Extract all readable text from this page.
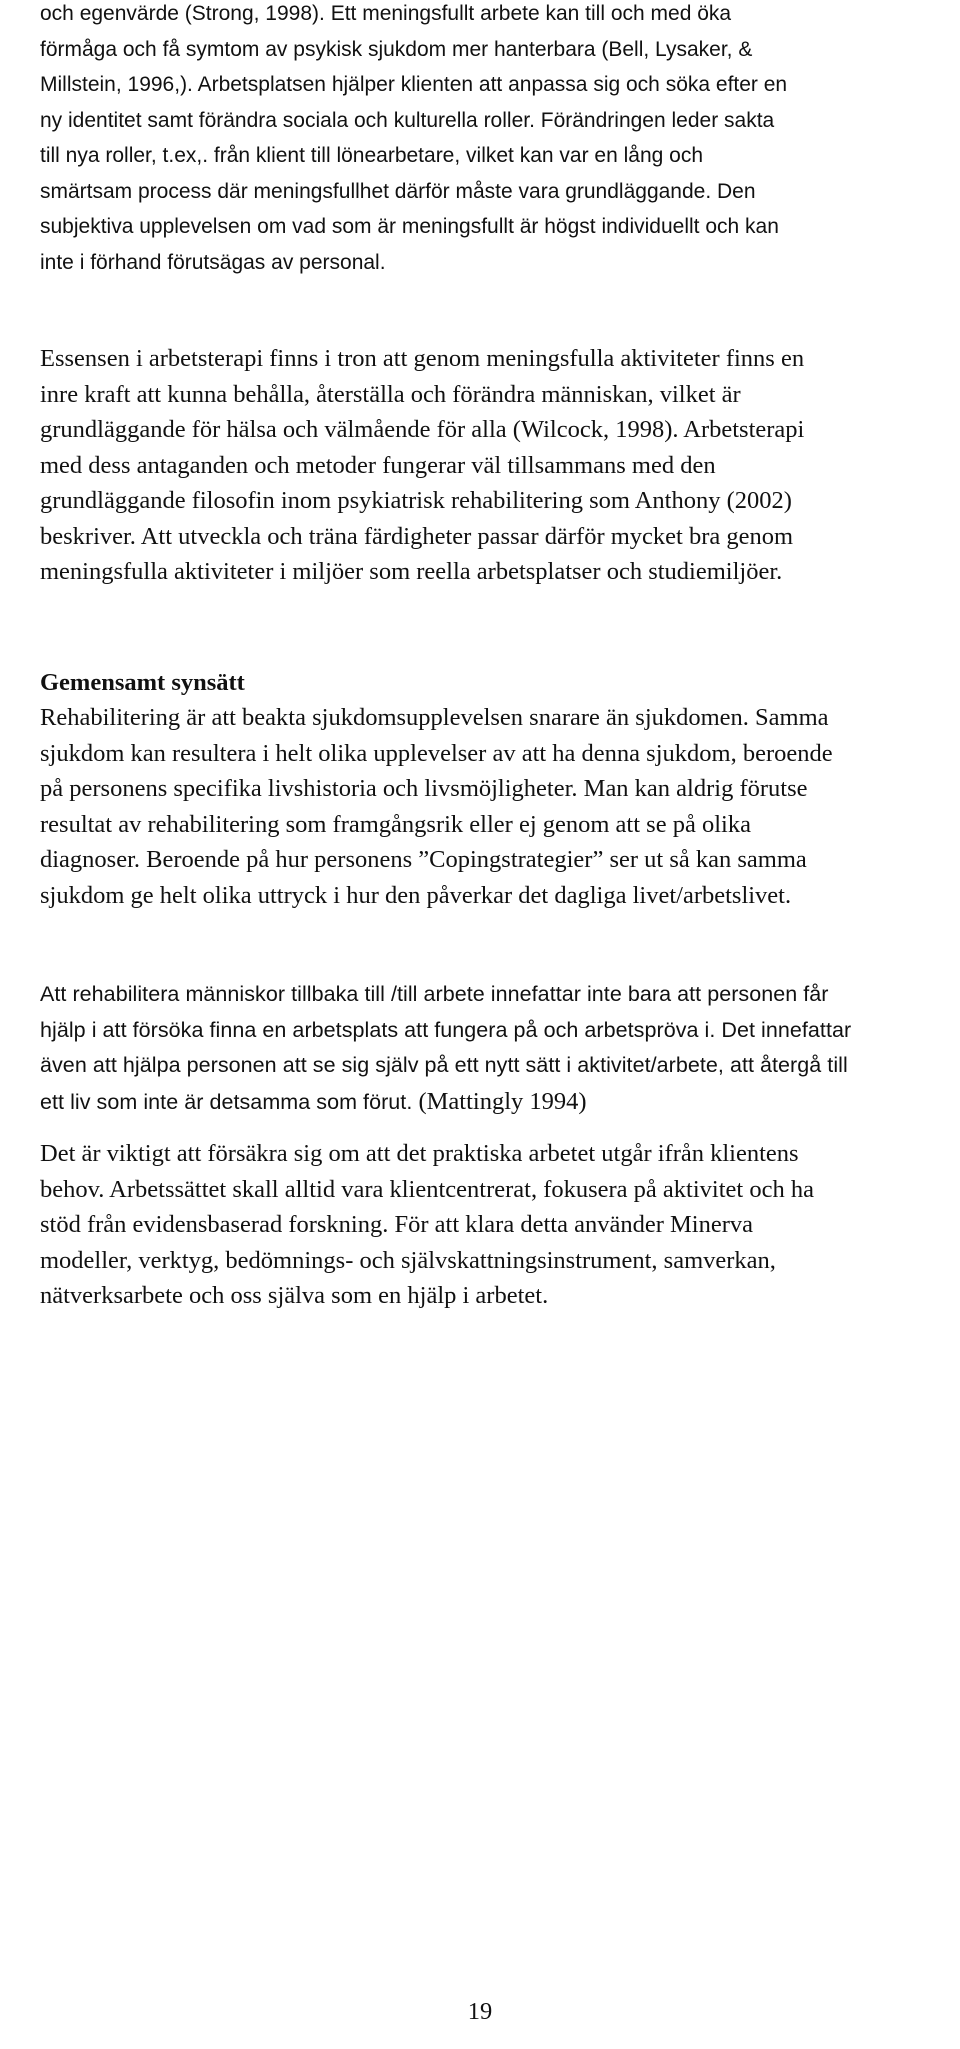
och egenvärde (Strong, 1998). Ett meningsfullt arbete kan till och med öka
förmåga och få symtom av psykisk sjukdom mer hanterbara (Bell, Lysaker, &
Millstein, 1996,). Arbetsplatsen hjälper klienten att anpassa sig och söka efter en
ny identitet samt förändra sociala och kulturella roller. Förändringen leder sakta
till nya roller, t.ex,. från klient till lönearbetare, vilket kan var en lång och
smärtsam process där meningsfullhet därför måste vara grundläggande. Den
subjektiva upplevelsen om vad som är meningsfullt är högst individuellt och kan
inte i förhand förutsägas av personal.

Essensen i arbetsterapi finns i tron att genom meningsfulla aktiviteter finns en
inre kraft att kunna behålla, återställa och förändra människan, vilket är
grundläggande för hälsa och välmående för alla (Wilcock, 1998). Arbetsterapi
med dess antaganden och metoder fungerar väl tillsammans med den
grundläggande filosofin inom psykiatrisk rehabilitering som Anthony (2002)
beskriver. Att utveckla och träna färdigheter passar därför mycket bra genom
meningsfulla aktiviteter i miljöer som reella arbetsplatser och studiemiljöer.

Gemensamt synsätt

Rehabilitering är att beakta sjukdomsupplevelsen snarare än sjukdomen. Samma
sjukdom kan resultera i helt olika upplevelser av att ha denna sjukdom, beroende
på personens specifika livshistoria och livsmöjligheter. Man kan aldrig förutse
resultat av rehabilitering som framgångsrik eller ej genom att se på olika
diagnoser. Beroende på hur personens ”Copingstrategier” ser ut så kan samma
sjukdom ge helt olika uttryck i hur den påverkar det dagliga livet/arbetslivet.

Att rehabilitera människor tillbaka till /till arbete innefattar inte bara att personen får
hjälp i att försöka finna en arbetsplats att fungera på och arbetspröva i. Det innefattar
även att hjälpa personen att se sig själv på ett nytt sätt i aktivitet/arbete, att återgå till
ett liv som inte är detsamma som förut. (Mattingly 1994)

Det är viktigt att försäkra sig om att det praktiska arbetet utgår ifrån klientens
behov. Arbetssättet skall alltid vara klientcentrerat, fokusera på aktivitet och ha
stöd från evidensbaserad forskning. För att klara detta använder Minerva
modeller, verktyg, bedömnings- och självskattningsinstrument, samverkan,
nätverksarbete och oss själva som en hjälp i arbetet.

19
